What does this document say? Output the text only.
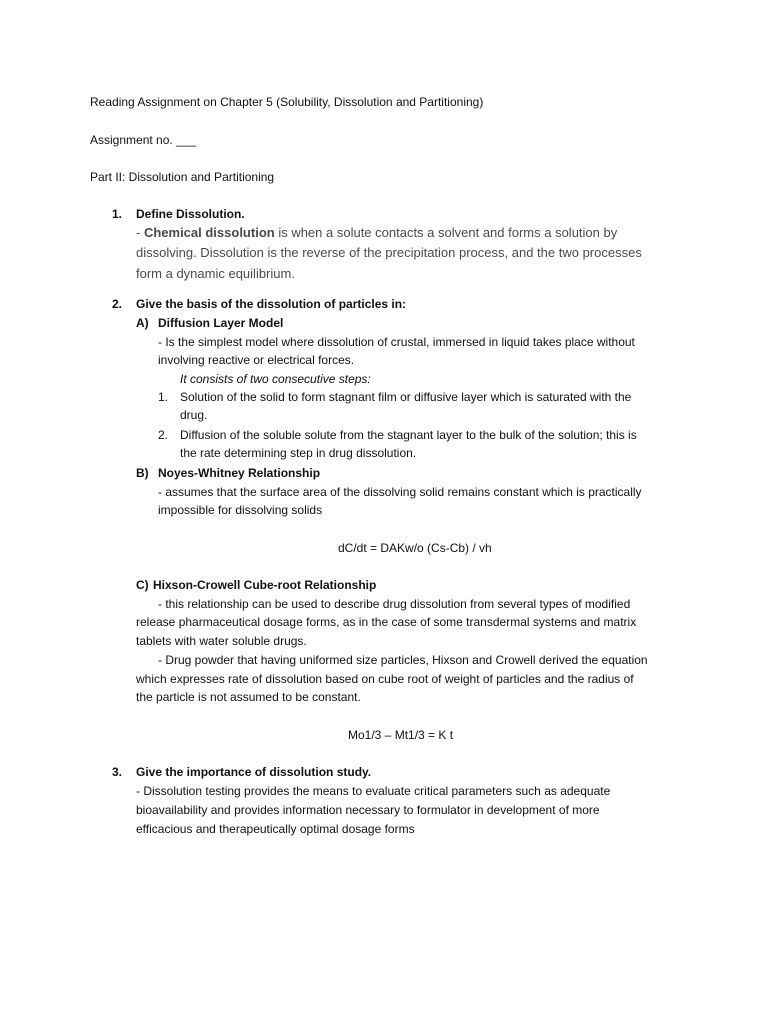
Reading Assignment on Chapter 5 (Solubility, Dissolution and Partitioning)
Assignment no. ___
Part II: Dissolution and Partitioning
1. Define Dissolution.
- Chemical dissolution is when a solute contacts a solvent and forms a solution by
dissolving. Dissolution is the reverse of the precipitation process, and the two processes
form a dynamic equilibrium.
2. Give the basis of the dissolution of particles in:
A) Diffusion Layer Model
- Is the simplest model where dissolution of crustal, immersed in liquid takes place without
involving reactive or electrical forces.
It consists of two consecutive steps:
1. Solution of the solid to form stagnant film or diffusive layer which is saturated with the
drug.
2. Diffusion of the soluble solute from the stagnant layer to the bulk of the solution; this is
the rate determining step in drug dissolution.
B) Noyes-Whitney Relationship
- assumes that the surface area of the dissolving solid remains constant which is practically
impossible for dissolving solids
dC/dt = DAKw/o (Cs-Cb) / vh
C) Hixson-Crowell Cube-root Relationship
- this relationship can be used to describe drug dissolution from several types of modified
release pharmaceutical dosage forms, as in the case of some transdermal systems and matrix
tablets with water soluble drugs.
- Drug powder that having uniformed size particles, Hixson and Crowell derived the equation
which expresses rate of dissolution based on cube root of weight of particles and the radius of
the particle is not assumed to be constant.
Mo1/3 – Mt1/3 = K t
3. Give the importance of dissolution study.
- Dissolution testing provides the means to evaluate critical parameters such as adequate
bioavailability and provides information necessary to formulator in development of more
efficacious and therapeutically optimal dosage forms
